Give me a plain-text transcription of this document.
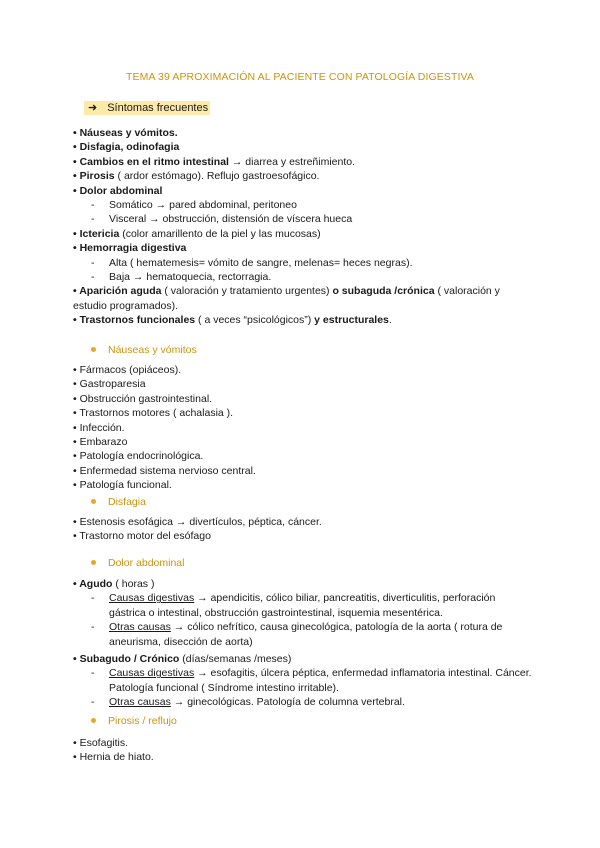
TEMA 39 APROXIMACIÓN AL PACIENTE CON PATOLOGÍA DIGESTIVA
➜ Síntomas frecuentes
• Náuseas y vómitos.
• Disfagia, odinofagia
• Cambios en el ritmo intestinal → diarrea y estreñimiento.
• Pirosis ( ardor estómago). Reflujo gastroesofágico.
• Dolor abdominal
- Somático → pared abdominal, peritoneo
- Visceral → obstrucción, distensión de víscera hueca
• Ictericia (color amarillento de la piel y las mucosas)
• Hemorragia digestiva
- Alta ( hematemesis= vómito de sangre, melenas= heces negras).
- Baja → hematoquecia, rectorragia.
• Aparición aguda ( valoración y tratamiento urgentes) o subaguda /crónica ( valoración y estudio programados).
• Trastornos funcionales ( a veces “psicológicos”) y estructurales.
Náuseas y vómitos
• Fármacos (opiáceos).
• Gastroparesia
• Obstrucción gastrointestinal.
• Trastornos motores ( achalasia ).
• Infección.
• Embarazo
• Patología endocrinológica.
• Enfermedad sistema nervioso central.
• Patología funcional.
Disfagia
• Estenosis esofágica → divertículos, péptica, cáncer.
• Trastorno motor del esófago
Dolor abdominal
• Agudo ( horas )
- Causas digestivas → apendicitis, cólico biliar, pancreatitis, diverticulitis, perforación gástrica o intestinal, obstrucción gastrointestinal, isquemia mesentérica.
- Otras causas → cólico nefrítico, causa ginecológica, patología de la aorta ( rotura de aneurisma, disección de aorta)
• Subagudo / Crónico (días/semanas /meses)
- Causas digestivas → esofagitis, úlcera péptica, enfermedad inflamatoria intestinal. Cáncer. Patología funcional ( Síndrome intestino irritable).
- Otras causas → ginecológicas. Patología de columna vertebral.
Pirosis / reflujo
• Esofagitis.
• Hernia de hiato.
